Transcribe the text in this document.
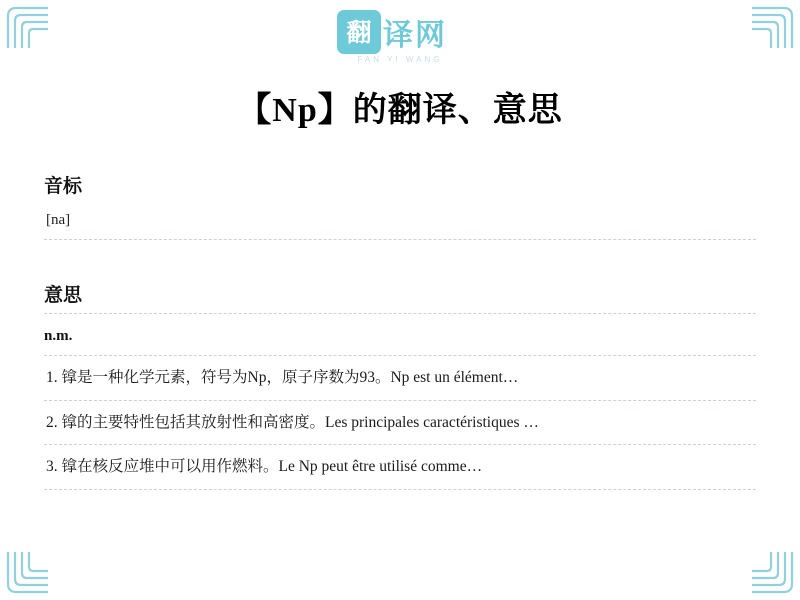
翻 译网
FAN YI WANG
【Np】的翻译、意思
音标
[na]
意思
n.m.
1. 镎是一种化学元素，符号为Np，原子序数为93。Np est un élément…
2. 镎的主要特性包括其放射性和高密度。Les principales caractéristiques …
3. 镎在核反应堆中可以用作燃料。Le Np peut être utilisé comme…
